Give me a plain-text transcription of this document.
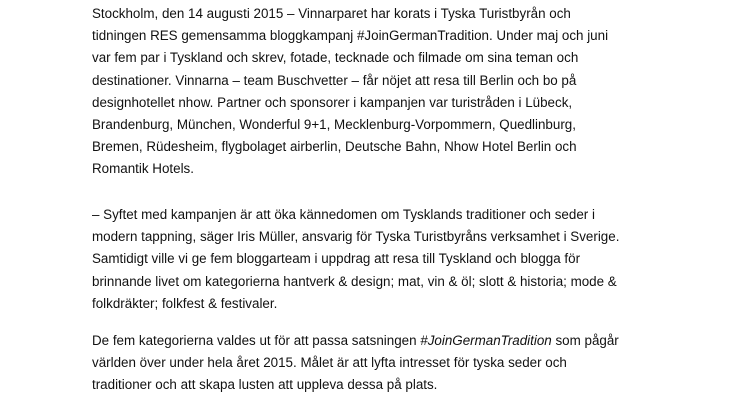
Stockholm, den 14 augusti 2015 – Vinnarparet har korats i Tyska Turistbyrån och
tidningen RES gemensamma bloggkampanj #JoinGermanTradition. Under maj och juni
var fem par i Tyskland och skrev, fotade, tecknade och filmade om sina teman och
destinationer. Vinnarna – team Buschvetter – får nöjet att resa till Berlin och bo på
designhotellet nhow. Partner och sponsorer i kampanjen var turistråden i Lübeck,
Brandenburg, München, Wonderful 9+1, Mecklenburg-Vorpommern, Quedlinburg,
Bremen, Rüdesheim, flygbolaget airberlin, Deutsche Bahn, Nhow Hotel Berlin och
Romantik Hotels.
– Syftet med kampanjen är att öka kännedomen om Tysklands traditioner och seder i
modern tappning, säger Iris Müller, ansvarig för Tyska Turistbyråns verksamhet i Sverige.
Samtidigt ville vi ge fem bloggarteam i uppdrag att resa till Tyskland och blogga för
brinnande livet om kategorierna hantverk & design; mat, vin & öl; slott & historia; mode &
folkdräkter; folkfest & festivaler.
De fem kategorierna valdes ut för att passa satsningen #JoinGermanTradition som pågår
världen över under hela året 2015. Målet är att lyfta intresset för tyska seder och
traditioner och att skapa lusten att uppleva dessa på plats.
